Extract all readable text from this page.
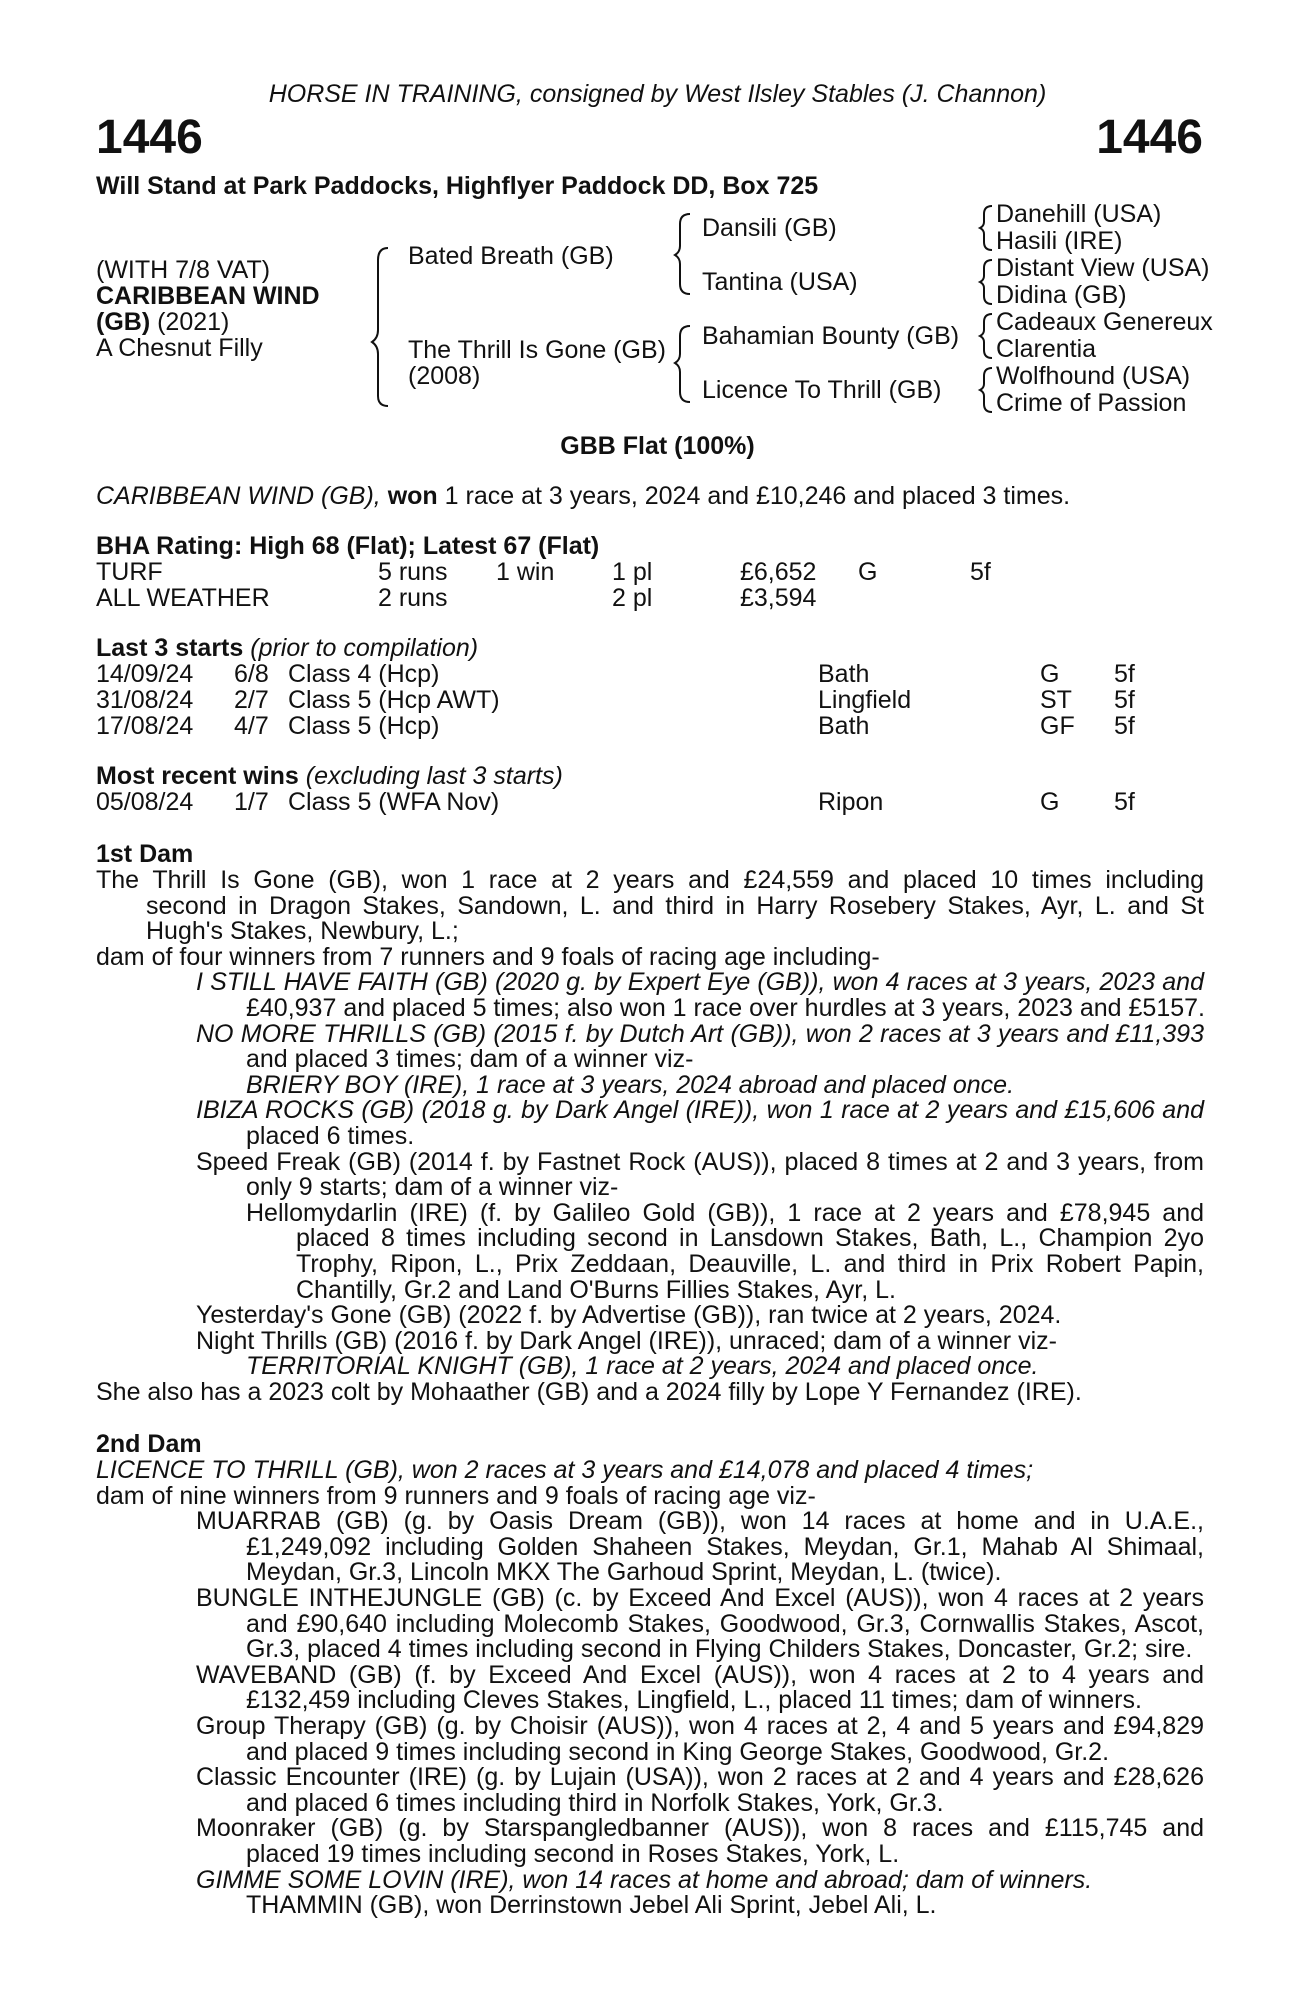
HORSE IN TRAINING, consigned by West Ilsley Stables (J. Channon)
1446	1446
Will Stand at Park Paddocks, Highflyer Paddock DD, Box 725
(WITH 7/8 VAT)
CARIBBEAN WIND
(GB) (2021)
A Chesnut Filly
Bated Breath (GB)
The Thrill Is Gone (GB)
(2008)
Dansili (GB)
Tantina (USA)
Bahamian Bounty (GB)
Licence To Thrill (GB)
Danehill (USA)
Hasili (IRE)
Distant View (USA)
Didina (GB)
Cadeaux Genereux
Clarentia
Wolfhound (USA)
Crime of Passion
GBB Flat (100%)
CARIBBEAN WIND (GB), won 1 race at 3 years, 2024 and £10,246 and placed 3 times.
BHA Rating: High 68 (Flat); Latest 67 (Flat)
TURF	5 runs 1 win 1 pl	£6,652 G	5f
ALL WEATHER	2 runs	2 pl	£3,594
Last 3 starts (prior to compilation)
14/09/24 6/8 Class 4 (Hcp)	Bath	G 5f
31/08/24 2/7 Class 5 (Hcp AWT)	Lingfield	ST 5f
17/08/24 4/7 Class 5 (Hcp)	Bath	GF 5f
Most recent wins (excluding last 3 starts)
05/08/24 1/7 Class 5 (WFA Nov)	Ripon	G 5f
1st Dam
The Thrill Is Gone (GB), won 1 race at 2 years and £24,559 and placed 10 times including
second in Dragon Stakes, Sandown, L. and third in Harry Rosebery Stakes, Ayr, L. and St
Hugh's Stakes, Newbury, L.;
dam of four winners from 7 runners and 9 foals of racing age including-
I STILL HAVE FAITH (GB) (2020 g. by Expert Eye (GB)), won 4 races at 3 years, 2023 and
£40,937 and placed 5 times; also won 1 race over hurdles at 3 years, 2023 and £5157.
NO MORE THRILLS (GB) (2015 f. by Dutch Art (GB)), won 2 races at 3 years and £11,393
and placed 3 times; dam of a winner viz-
BRIERY BOY (IRE), 1 race at 3 years, 2024 abroad and placed once.
IBIZA ROCKS (GB) (2018 g. by Dark Angel (IRE)), won 1 race at 2 years and £15,606 and
placed 6 times.
Speed Freak (GB) (2014 f. by Fastnet Rock (AUS)), placed 8 times at 2 and 3 years, from
only 9 starts; dam of a winner viz-
Hellomydarlin (IRE) (f. by Galileo Gold (GB)), 1 race at 2 years and £78,945 and
placed 8 times including second in Lansdown Stakes, Bath, L., Champion 2yo
Trophy, Ripon, L., Prix Zeddaan, Deauville, L. and third in Prix Robert Papin,
Chantilly, Gr.2 and Land O'Burns Fillies Stakes, Ayr, L.
Yesterday's Gone (GB) (2022 f. by Advertise (GB)), ran twice at 2 years, 2024.
Night Thrills (GB) (2016 f. by Dark Angel (IRE)), unraced; dam of a winner viz-
TERRITORIAL KNIGHT (GB), 1 race at 2 years, 2024 and placed once.
She also has a 2023 colt by Mohaather (GB) and a 2024 filly by Lope Y Fernandez (IRE).
2nd Dam
LICENCE TO THRILL (GB), won 2 races at 3 years and £14,078 and placed 4 times;
dam of nine winners from 9 runners and 9 foals of racing age viz-
MUARRAB (GB) (g. by Oasis Dream (GB)), won 14 races at home and in U.A.E.,
£1,249,092 including Golden Shaheen Stakes, Meydan, Gr.1, Mahab Al Shimaal,
Meydan, Gr.3, Lincoln MKX The Garhoud Sprint, Meydan, L. (twice).
BUNGLE INTHEJUNGLE (GB) (c. by Exceed And Excel (AUS)), won 4 races at 2 years
and £90,640 including Molecomb Stakes, Goodwood, Gr.3, Cornwallis Stakes, Ascot,
Gr.3, placed 4 times including second in Flying Childers Stakes, Doncaster, Gr.2; sire.
WAVEBAND (GB) (f. by Exceed And Excel (AUS)), won 4 races at 2 to 4 years and
£132,459 including Cleves Stakes, Lingfield, L., placed 11 times; dam of winners.
Group Therapy (GB) (g. by Choisir (AUS)), won 4 races at 2, 4 and 5 years and £94,829
and placed 9 times including second in King George Stakes, Goodwood, Gr.2.
Classic Encounter (IRE) (g. by Lujain (USA)), won 2 races at 2 and 4 years and £28,626
and placed 6 times including third in Norfolk Stakes, York, Gr.3.
Moonraker (GB) (g. by Starspangledbanner (AUS)), won 8 races and £115,745 and
placed 19 times including second in Roses Stakes, York, L.
GIMME SOME LOVIN (IRE), won 14 races at home and abroad; dam of winners.
THAMMIN (GB), won Derrinstown Jebel Ali Sprint, Jebel Ali, L.
